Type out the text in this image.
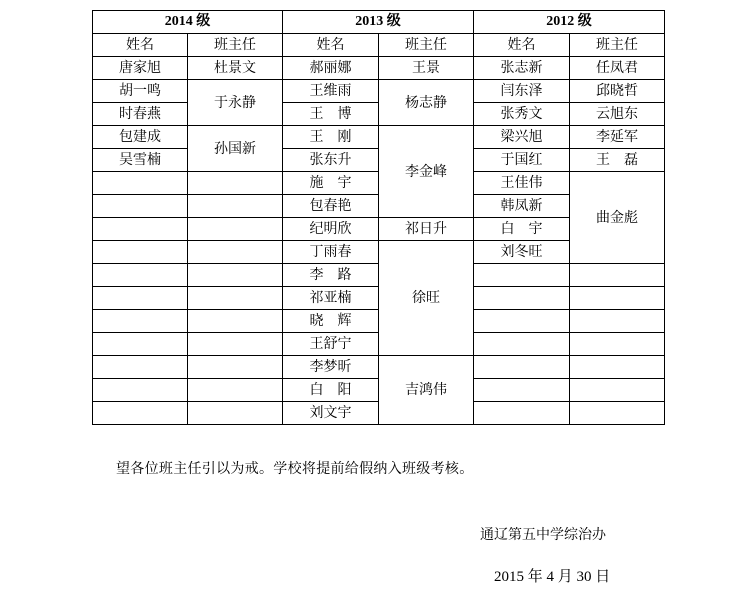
2014 级		2013 级		2012 级	
姓名	班主任	姓名	班主任	姓名	班主任
唐家旭	杜景文	郝丽娜	王景	张志新	任凤君
胡一鸣	于永静	王维雨	杨志静	闫东泽	邱晓哲
时春燕		王　博		张秀文	云旭东
包建成	孙国新	王　刚	李金峰	梁兴旭	李延军
吴雪楠		张东升		于国红	王　磊
		施　宇		王佳伟	曲金彪
		包春艳		韩凤新	
		纪明欣	祁日升	白　宇	
		丁雨春	徐旺	刘冬旺	
		李　路			
		祁亚楠			
		晓　辉			
		王舒宁			
		李梦昕	吉鸿伟		
		白　阳			
		刘文宇			
望各位班主任引以为戒。学校将提前给假纳入班级考核。
通辽第五中学综治办
2015 年 4 月 30 日
